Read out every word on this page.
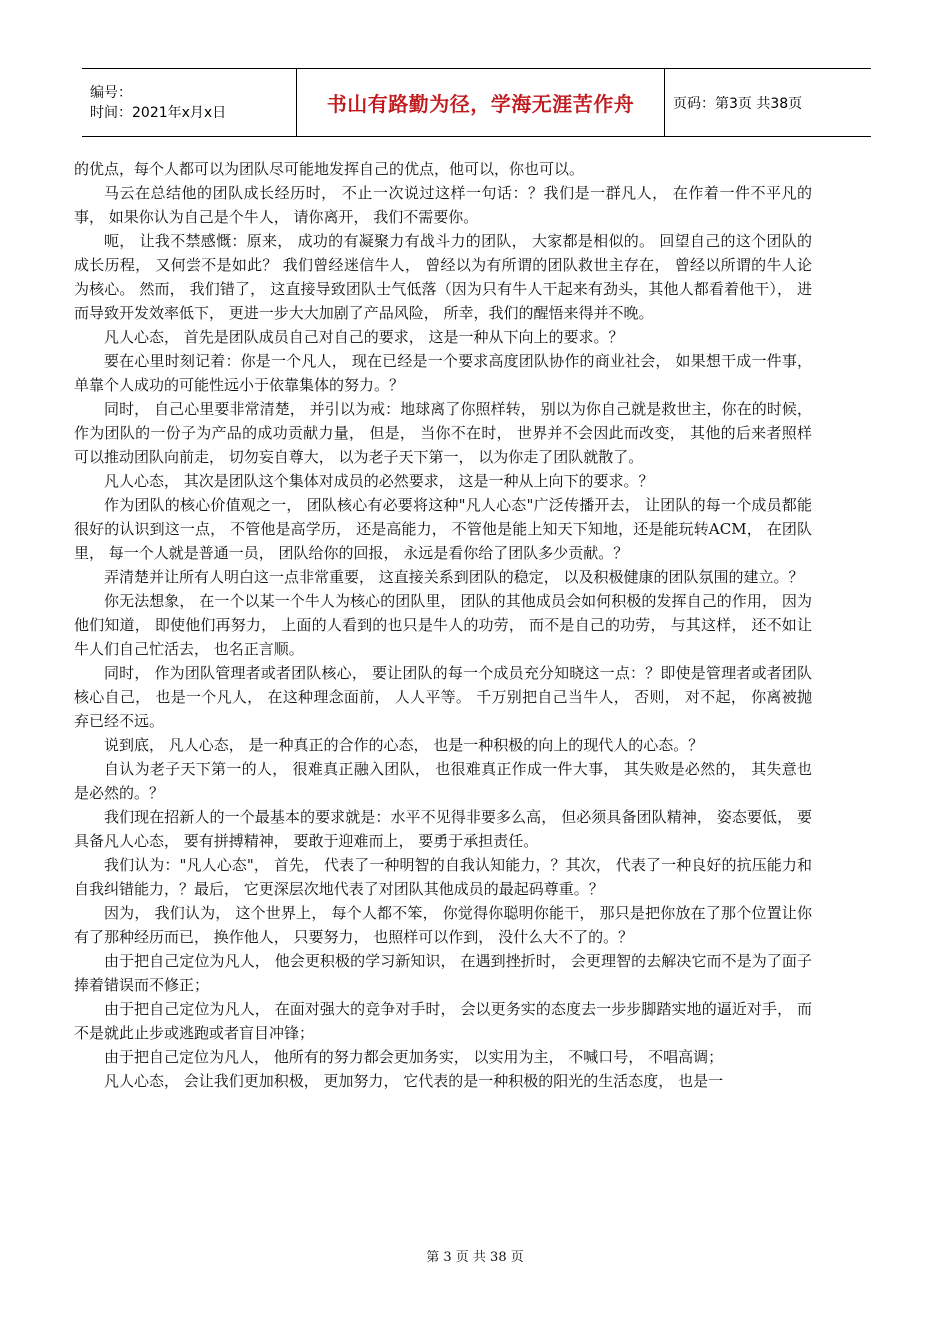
编号：
时间：2021年x月x日	书山有路勤为径，学海无涯苦作舟	页码：第3页 共38页

的优点，每个人都可以为团队尽可能地发挥自己的优点，他可以，你也可以。

马云在总结他的团队成长经历时， 不止一次说过这样一句话：？我们是一群凡人， 在作着一件不平凡的事， 如果你认为自己是个牛人， 请你离开， 我们不需要你。

呃， 让我不禁感慨：原来， 成功的有凝聚力有战斗力的团队， 大家都是相似的。 回望自己的这个团队的成长历程， 又何尝不是如此？ 我们曾经迷信牛人， 曾经以为有所谓的团队救世主存在， 曾经以所谓的牛人论为核心。 然而， 我们错了， 这直接导致团队士气低落（因为只有牛人干起来有劲头，其他人都看着他干）， 进而导致开发效率低下， 更进一步大大加剧了产品风险， 所幸，我们的醒悟来得并不晚。

凡人心态， 首先是团队成员自己对自己的要求， 这是一种从下向上的要求。？

要在心里时刻记着：你是一个凡人， 现在已经是一个要求高度团队协作的商业社会， 如果想干成一件事， 单靠个人成功的可能性远小于依靠集体的努力。？

同时， 自己心里要非常清楚， 并引以为戒：地球离了你照样转， 别以为你自己就是救世主，你在的时候， 作为团队的一份子为产品的成功贡献力量， 但是， 当你不在时， 世界并不会因此而改变， 其他的后来者照样可以推动团队向前走， 切勿妄自尊大， 以为老子天下第一， 以为你走了团队就散了。

凡人心态， 其次是团队这个集体对成员的必然要求， 这是一种从上向下的要求。？

作为团队的核心价值观之一， 团队核心有必要将这种"凡人心态"广泛传播开去， 让团队的每一个成员都能很好的认识到这一点， 不管他是高学历， 还是高能力， 不管他是能上知天下知地，还是能玩转ACM， 在团队里， 每一个人就是普通一员， 团队给你的回报， 永远是看你给了团队多少贡献。？

弄清楚并让所有人明白这一点非常重要， 这直接关系到团队的稳定， 以及积极健康的团队氛围的建立。？

你无法想象， 在一个以某一个牛人为核心的团队里， 团队的其他成员会如何积极的发挥自己的作用， 因为他们知道， 即使他们再努力， 上面的人看到的也只是牛人的功劳， 而不是自己的功劳， 与其这样， 还不如让牛人们自己忙活去， 也名正言顺。

同时， 作为团队管理者或者团队核心， 要让团队的每一个成员充分知晓这一点：？即使是管理者或者团队核心自己， 也是一个凡人， 在这种理念面前， 人人平等。 千万别把自己当牛人， 否则， 对不起， 你离被抛弃已经不远。

说到底， 凡人心态， 是一种真正的合作的心态， 也是一种积极的向上的现代人的心态。？

自认为老子天下第一的人， 很难真正融入团队， 也很难真正作成一件大事， 其失败是必然的， 其失意也是必然的。？

我们现在招新人的一个最基本的要求就是：水平不见得非要多么高， 但必须具备团队精神， 姿态要低， 要具备凡人心态， 要有拼搏精神， 要敢于迎难而上， 要勇于承担责任。

我们认为："凡人心态"， 首先， 代表了一种明智的自我认知能力，？其次， 代表了一种良好的抗压能力和自我纠错能力，？最后， 它更深层次地代表了对团队其他成员的最起码尊重。？

因为， 我们认为， 这个世界上， 每个人都不笨， 你觉得你聪明你能干， 那只是把你放在了那个位置让你有了那种经历而已， 换作他人， 只要努力， 也照样可以作到， 没什么大不了的。？

由于把自己定位为凡人， 他会更积极的学习新知识， 在遇到挫折时， 会更理智的去解决它而不是为了面子捧着错误而不修正；

由于把自己定位为凡人， 在面对强大的竞争对手时， 会以更务实的态度去一步步脚踏实地的逼近对手， 而不是就此止步或逃跑或者盲目冲锋；

由于把自己定位为凡人， 他所有的努力都会更加务实， 以实用为主， 不喊口号， 不唱高调；

凡人心态， 会让我们更加积极， 更加努力， 它代表的是一种积极的阳光的生活态度， 也是一

第 3 页 共 38 页
